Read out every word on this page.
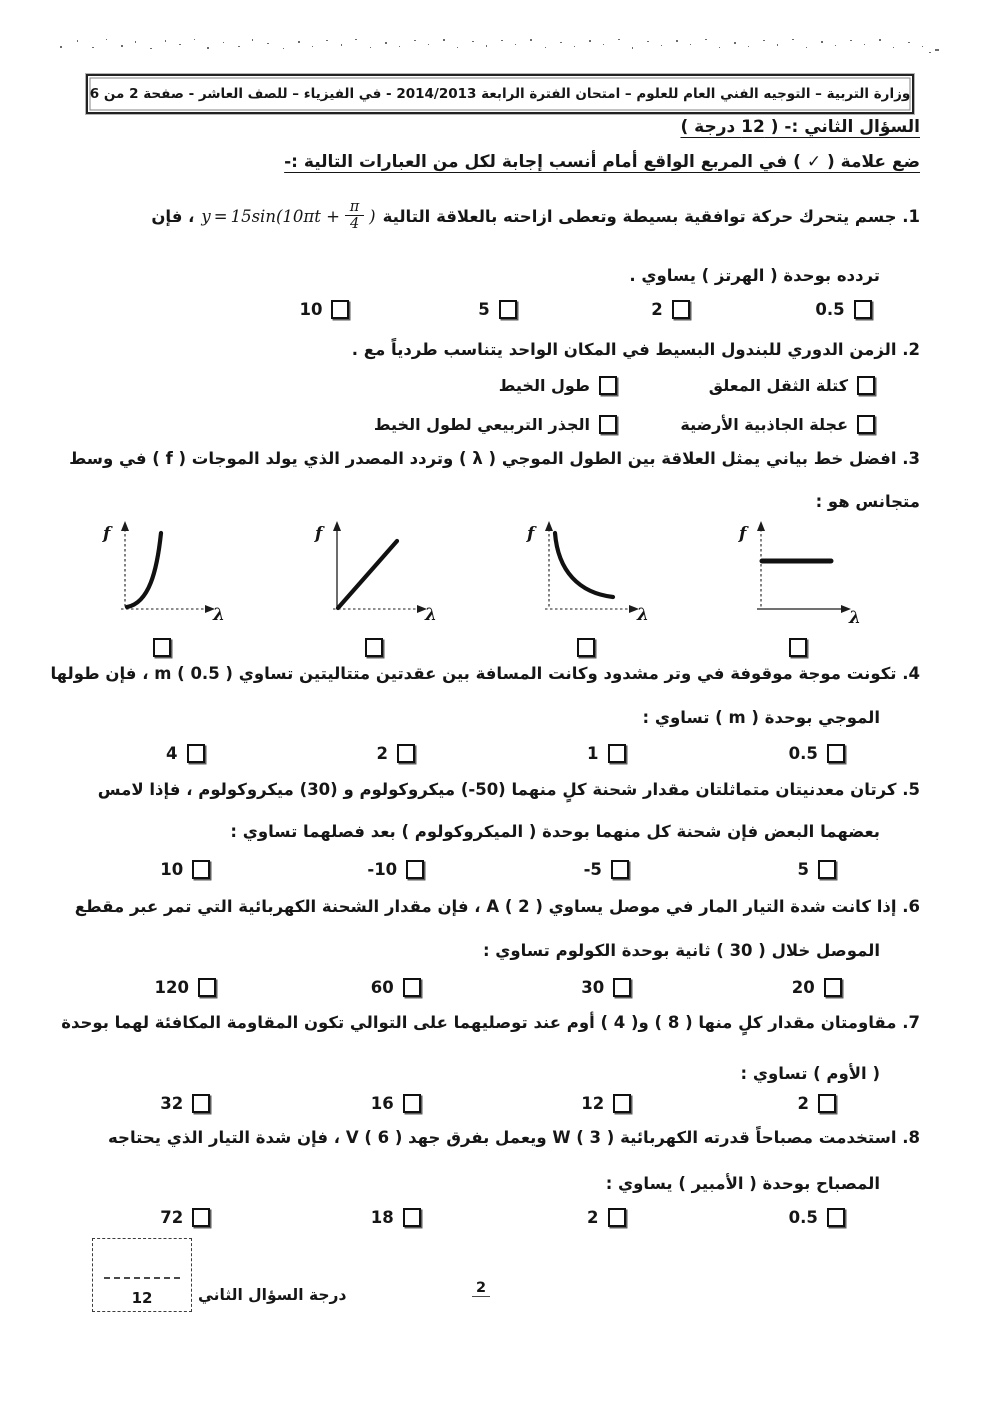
وزارة التربية – التوجيه الفني العام للعلوم – امتحان الفترة الرابعة 2014/2013 - في الفيزياء – للصف العاشر - صفحة 2 من 6
السؤال الثاني :- ( 12 درجة )
ضع علامة ( ✓ ) في المربع الواقع أمام أنسب إجابة لكل من العبارات التالية :-
1. جسم يتحرك حركة توافقية بسيطة وتعطى ازاحته بالعلاقة التالية
$y = 15\sin(10\pi t + \frac{\pi}{4}$ )
، فإن
تردده بوحدة ( الهرتز ) يساوي .
0.5
2
5
10
2. الزمن الدوري للبندول البسيط في المكان الواحد يتناسب طردياً مع .
كتلة الثقل المعلق
طول الخيط
عجلة الجاذبية الأرضية
الجذر التربيعي لطول الخيط
3. افضل خط بياني يمثل العلاقة بين الطول الموجي ( λ ) وتردد المصدر الذي يولد الموجات ( f ) في وسط
متجانس هو :
f
λ
f
λ
f
λ
f
λ
4. تكونت موجة موقوفة في وتر مشدود وكانت المسافة بين عقدتين متتاليتين تساوي m ( 0.5 ) ، فإن طولها
الموجي بوحدة ( m ) تساوي :
0.5
1
2
4
5. كرتان معدنيتان متماثلتان مقدار شحنة كلٍ منهما ⁦(-50)⁩ ميكروكولوم و (30) ميكروكولوم ، فإذا لامس
بعضهما البعض فإن شحنة كل منهما بوحدة ( الميكروكولوم ) بعد فصلهما تساوي :
5
-5
-10
10
6. إذا كانت شدة التيار المار في موصل يساوي A ( 2 ) ، فإن مقدار الشحنة الكهربائية التي تمر عبر مقطع
الموصل خلال ( 30 ) ثانية بوحدة الكولوم تساوي :
20
30
60
120
7. مقاومتان مقدار كلٍ منها ( 8 ) و( 4 ) أوم عند توصليهما على التوالي تكون المقاومة المكافئة لهما بوحدة
( الأوم ) تساوي :
2
12
16
32
8. استخدمت مصباحاً قدرته الكهربائية W ( 3 ) ويعمل بفرق جهد V ( 6 ) ، فإن شدة التيار الذي يحتاجه
المصباح بوحدة ( الأمبير ) يساوي :
0.5
2
18
72
12	درجة السؤال الثاني	2
